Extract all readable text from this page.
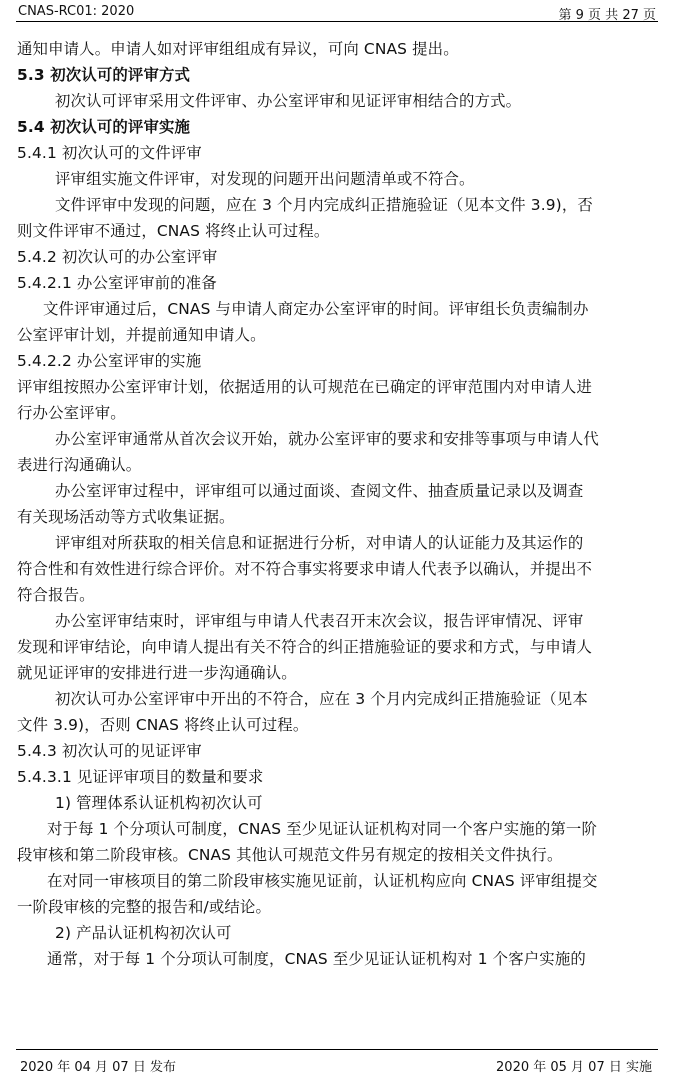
CNAS-RC01: 2020	第 9 页 共 27 页
通知申请人。申请人如对评审组组成有异议，可向 CNAS 提出。
5.3 初次认可的评审方式
初次认可评审采用文件评审、办公室评审和见证评审相结合的方式。
5.4 初次认可的评审实施
5.4.1 初次认可的文件评审
评审组实施文件评审，对发现的问题开出问题清单或不符合。
文件评审中发现的问题，应在 3 个月内完成纠正措施验证（见本文件 3.9)，否
则文件评审不通过，CNAS 将终止认可过程。
5.4.2 初次认可的办公室评审
5.4.2.1 办公室评审前的准备
文件评审通过后，CNAS 与申请人商定办公室评审的时间。评审组长负责编制办
公室评审计划，并提前通知申请人。
5.4.2.2 办公室评审的实施
评审组按照办公室评审计划，依据适用的认可规范在已确定的评审范围内对申请人进
行办公室评审。
办公室评审通常从首次会议开始，就办公室评审的要求和安排等事项与申请人代
表进行沟通确认。
办公室评审过程中，评审组可以通过面谈、查阅文件、抽查质量记录以及调查
有关现场活动等方式收集证据。
评审组对所获取的相关信息和证据进行分析，对申请人的认证能力及其运作的
符合性和有效性进行综合评价。对不符合事实将要求申请人代表予以确认，并提出不
符合报告。
办公室评审结束时，评审组与申请人代表召开末次会议，报告评审情况、评审
发现和评审结论，向申请人提出有关不符合的纠正措施验证的要求和方式，与申请人
就见证评审的安排进行进一步沟通确认。
初次认可办公室评审中开出的不符合，应在 3 个月内完成纠正措施验证（见本
文件 3.9)，否则 CNAS 将终止认可过程。
5.4.3 初次认可的见证评审
5.4.3.1 见证评审项目的数量和要求
1) 管理体系认证机构初次认可
对于每 1 个分项认可制度，CNAS 至少见证认证机构对同一个客户实施的第一阶
段审核和第二阶段审核。CNAS 其他认可规范文件另有规定的按相关文件执行。
在对同一审核项目的第二阶段审核实施见证前，认证机构应向 CNAS 评审组提交
一阶段审核的完整的报告和/或结论。
2) 产品认证机构初次认可
通常，对于每 1 个分项认可制度，CNAS 至少见证认证机构对 1 个客户实施的
2020 年 04 月 07 日 发布	2020 年 05 月 07 日 实施
